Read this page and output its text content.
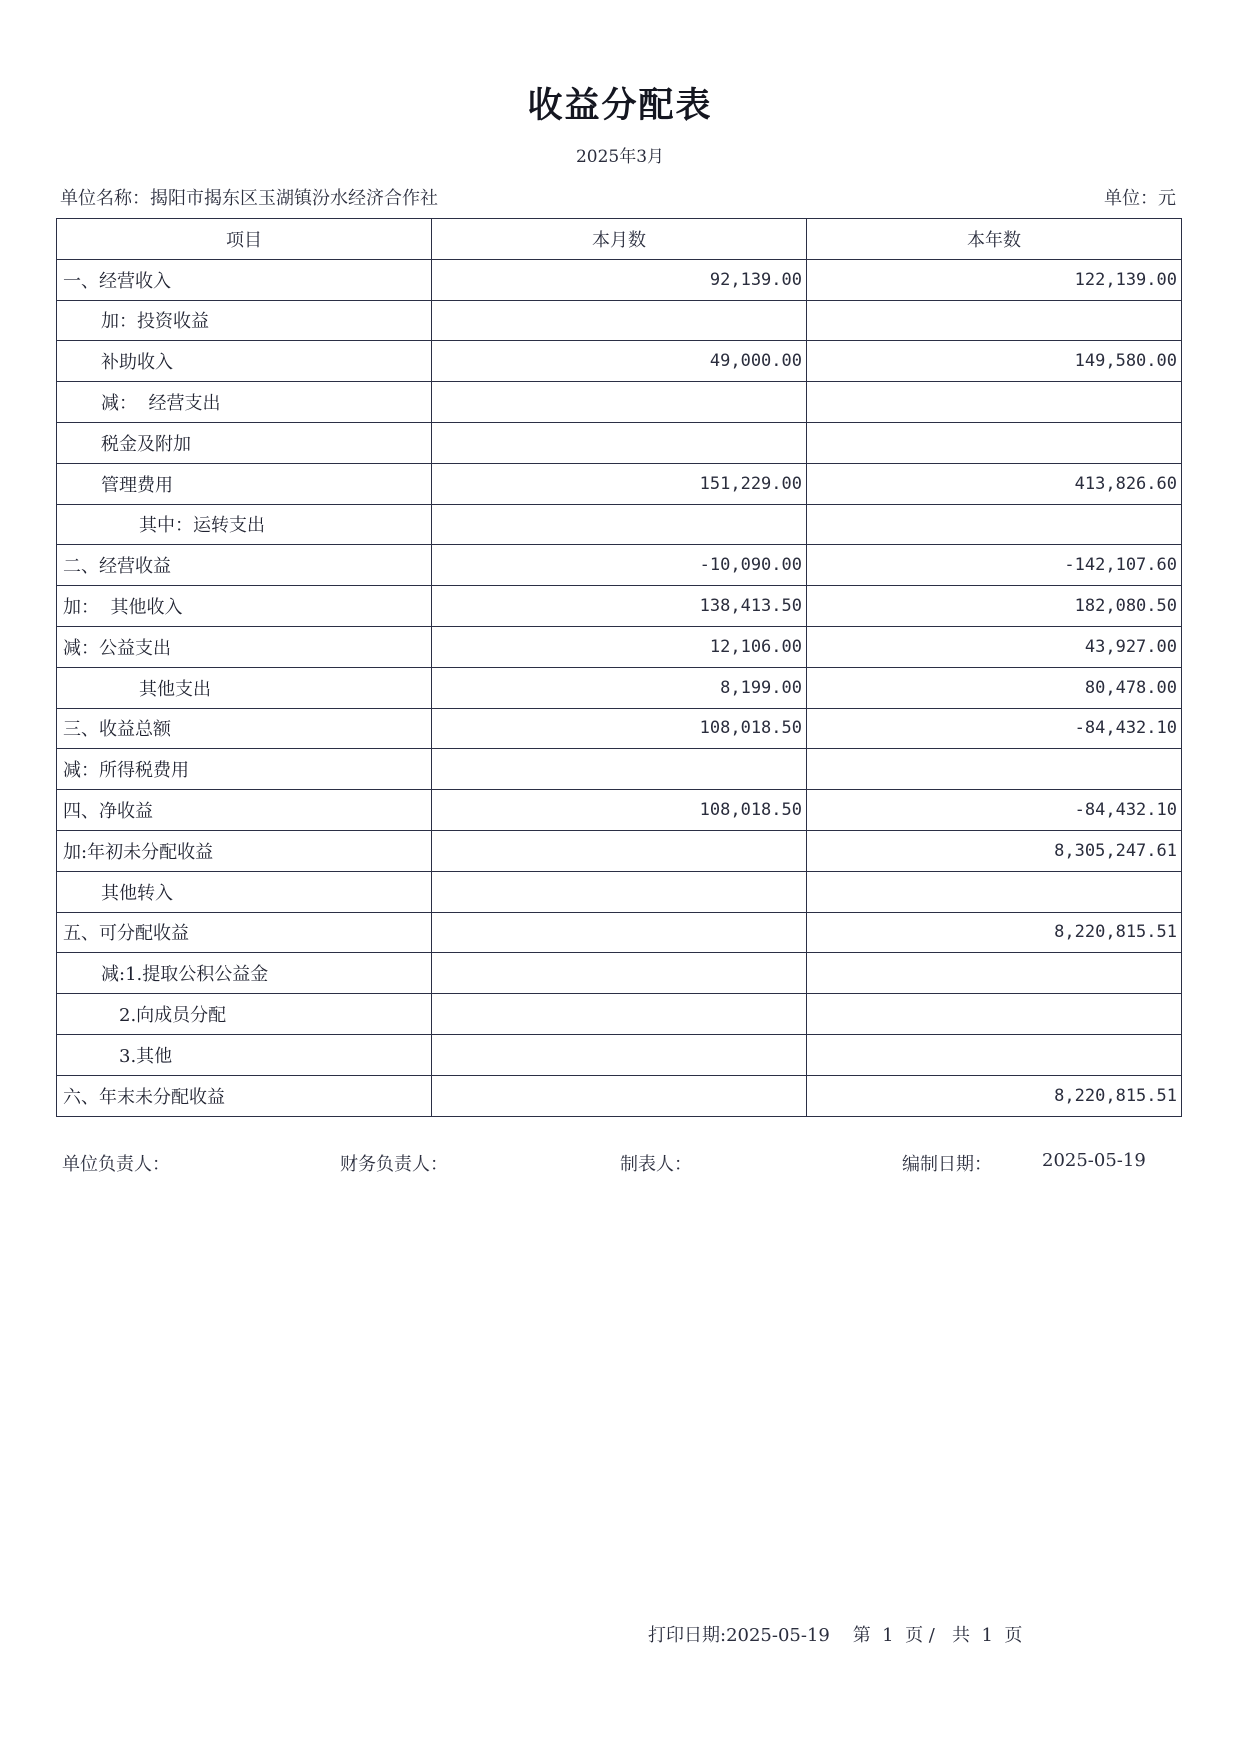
收益分配表
2025年3月
单位名称：揭阳市揭东区玉湖镇汾水经济合作社	单位：元
项目	本月数	本年数
一、经营收入	92,139.00	122,139.00
加：投资收益		
补助收入	49,000.00	149,580.00
减：  经营支出		
税金及附加		
管理费用	151,229.00	413,826.60
其中：运转支出		
二、经营收益	-10,090.00	-142,107.60
加：  其他收入	138,413.50	182,080.50
减：公益支出	12,106.00	43,927.00
其他支出	8,199.00	80,478.00
三、收益总额	108,018.50	-84,432.10
减：所得税费用		
四、净收益	108,018.50	-84,432.10
加:年初未分配收益		8,305,247.61
其他转入		
五、可分配收益		8,220,815.51
减:1.提取公积公益金		
2.向成员分配		
3.其他		
六、年末未分配收益		8,220,815.51
单位负责人：	财务负责人：	制表人：	编制日期：	2025-05-19
打印日期:2025-05-19    第  1  页 /   共  1  页
